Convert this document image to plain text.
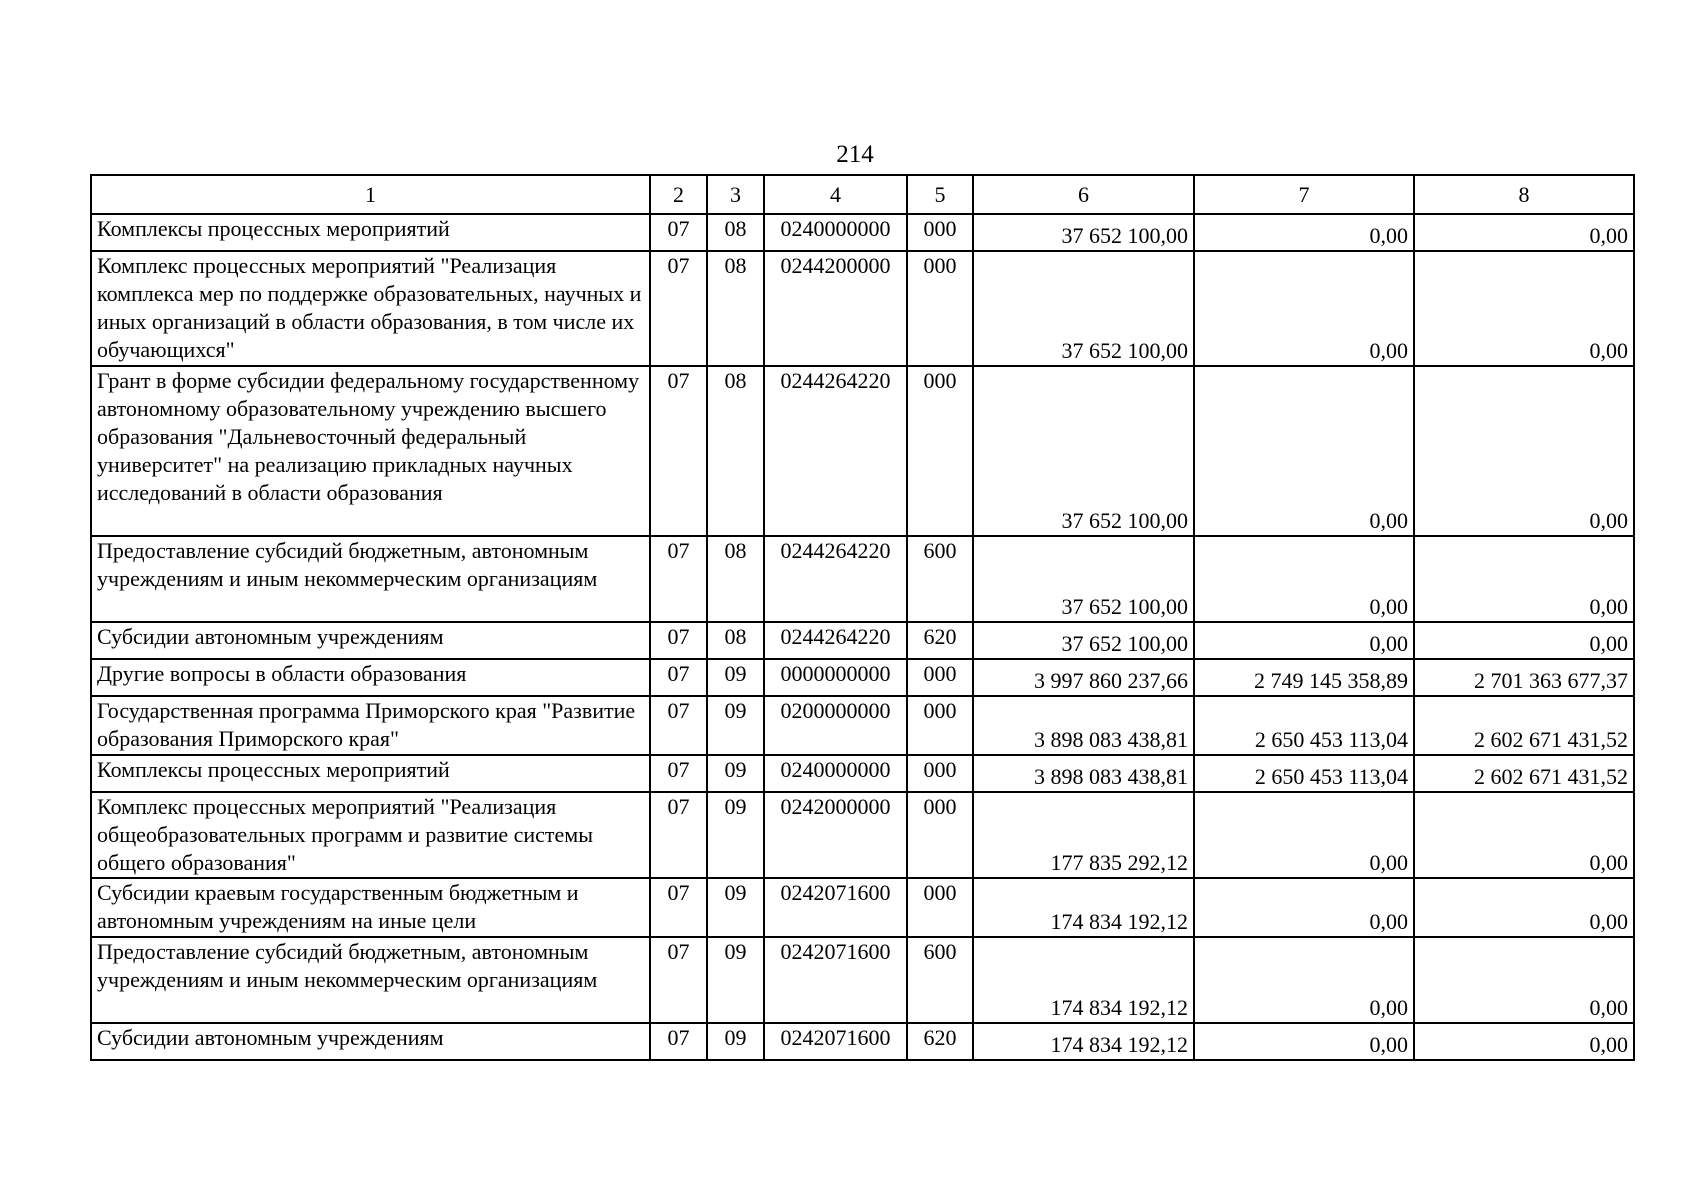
214
1	2	3	4	5	6	7	8
Комплексы процессных мероприятий	07	08	0240000000	000	37 652 100,00	0,00	0,00
Комплекс процессных мероприятий "Реализация комплекса мер по поддержке образовательных, научных и иных организаций в области образования, в том числе их обучающихся"	07	08	0244200000	000	37 652 100,00	0,00	0,00
Грант в форме субсидии федеральному государственному автономному образовательному учреждению высшего образования "Дальневосточный федеральный университет" на реализацию прикладных научных исследований в области образования	07	08	0244264220	000	37 652 100,00	0,00	0,00
Предоставление субсидий бюджетным, автономным учреждениям и иным некоммерческим организациям	07	08	0244264220	600	37 652 100,00	0,00	0,00
Субсидии автономным учреждениям	07	08	0244264220	620	37 652 100,00	0,00	0,00
Другие вопросы в области образования	07	09	0000000000	000	3 997 860 237,66	2 749 145 358,89	2 701 363 677,37
Государственная программа Приморского края "Развитие образования Приморского края"	07	09	0200000000	000	3 898 083 438,81	2 650 453 113,04	2 602 671 431,52
Комплексы процессных мероприятий	07	09	0240000000	000	3 898 083 438,81	2 650 453 113,04	2 602 671 431,52
Комплекс процессных мероприятий "Реализация общеобразовательных программ и развитие системы общего образования"	07	09	0242000000	000	177 835 292,12	0,00	0,00
Субсидии краевым государственным бюджетным и автономным учреждениям на иные цели	07	09	0242071600	000	174 834 192,12	0,00	0,00
Предоставление субсидий бюджетным, автономным учреждениям и иным некоммерческим организациям	07	09	0242071600	600	174 834 192,12	0,00	0,00
Субсидии автономным учреждениям	07	09	0242071600	620	174 834 192,12	0,00	0,00
